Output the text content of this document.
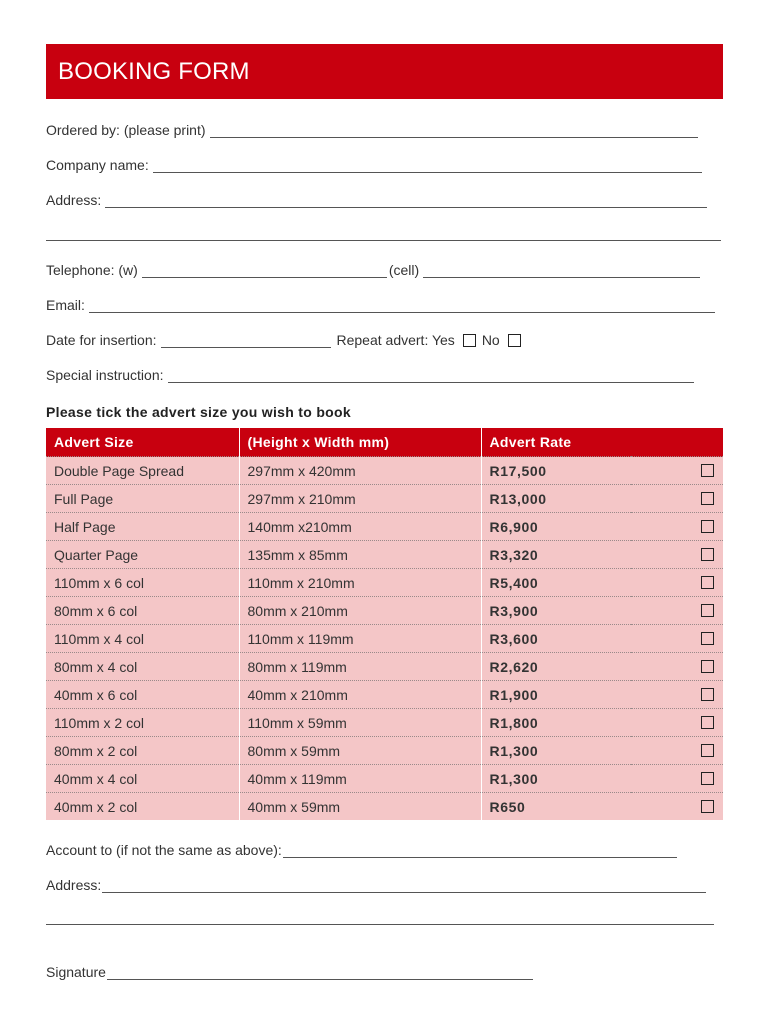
BOOKING FORM
Ordered by: (please print)
Company name:
Address:
Telephone: (w)	(cell)
Email:
Date for insertion:	Repeat advert: Yes No
Special instruction:
Please tick the advert size you wish to book
Advert Size	(Height x Width mm)	Advert Rate	
Double Page Spread	297mm x 420mm	R17,500	
Full Page	297mm x 210mm	R13,000	
Half Page	140mm x210mm	R6,900	
Quarter Page	135mm x 85mm	R3,320	
110mm x 6 col	110mm x 210mm	R5,400	
80mm x 6 col	80mm x 210mm	R3,900	
110mm x 4 col	110mm x 119mm	R3,600	
80mm x 4 col	80mm x 119mm	R2,620	
40mm x 6 col	40mm x 210mm	R1,900	
110mm x 2 col	110mm x 59mm	R1,800	
80mm x 2 col	80mm x 59mm	R1,300	
40mm x 4 col	40mm x 119mm	R1,300	
40mm x 2 col	40mm x 59mm	R650	
Account to (if not the same as above):
Address:
Signature
